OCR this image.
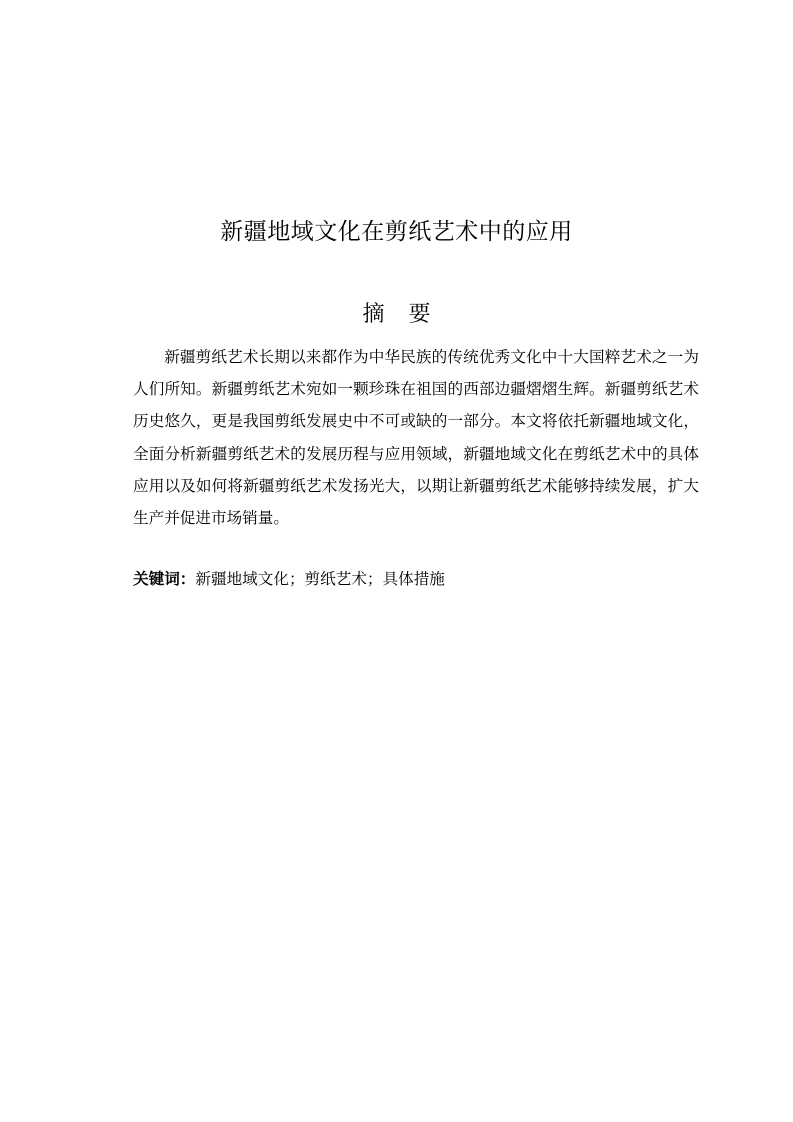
新疆地域文化在剪纸艺术中的应用
摘要

新疆剪纸艺术长期以来都作为中华民族的传统优秀文化中十大国粹艺术之一为人们所知。新疆剪纸艺术宛如一颗珍珠在祖国的西部边疆熠熠生辉。新疆剪纸艺术历史悠久，更是我国剪纸发展史中不可或缺的一部分。本文将依托新疆地域文化，全面分析新疆剪纸艺术的发展历程与应用领域，新疆地域文化在剪纸艺术中的具体应用以及如何将新疆剪纸艺术发扬光大，以期让新疆剪纸艺术能够持续发展，扩大生产并促进市场销量。

关键词：新疆地域文化；剪纸艺术；具体措施
